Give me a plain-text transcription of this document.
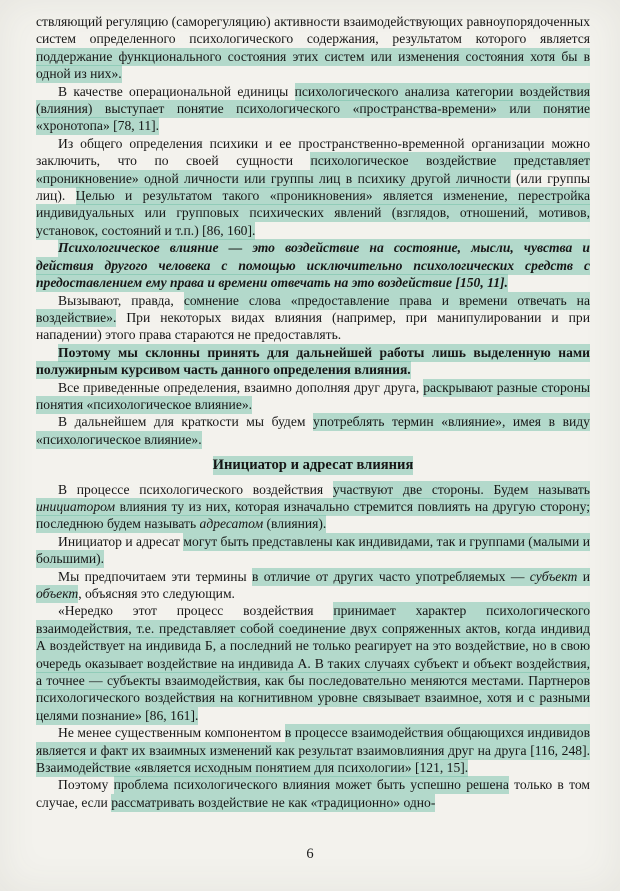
ствляющий регуляцию (саморегуляцию) активности взаимодействующих равноупорядоченных систем определенного психологического содержания, результатом которого является поддержание функционального состояния этих систем или изменения состояния хотя бы в одной из них».

В качестве операциональной единицы психологического анализа категории воздействия (влияния) выступает понятие психологического «пространства-времени» или понятие «хронотопа» [78, 11].

Из общего определения психики и ее пространственно-временной организации можно заключить, что по своей сущности психологическое воздействие представляет «проникновение» одной личности или группы лиц в психику другой личности (или группы лиц). Целью и результатом такого «проникновения» является изменение, перестройка индивидуальных или групповых психических явлений (взглядов, отношений, мотивов, установок, состояний и т.п.) [86, 160].

Психологическое влияние — это воздействие на состояние, мысли, чувства и действия другого человека с помощью исключительно психологических средств с предоставлением ему права и времени отвечать на это воздействие [150, 11].

Вызывают, правда, сомнение слова «предоставление права и времени отвечать на воздействие». При некоторых видах влияния (например, при манипулировании и при нападении) этого права стараются не предоставлять.

Поэтому мы склонны принять для дальнейшей работы лишь выделенную нами полужирным курсивом часть данного определения влияния.

Все приведенные определения, взаимно дополняя друг друга, раскрывают разные стороны понятия «психологическое влияние».

В дальнейшем для краткости мы будем употреблять термин «влияние», имея в виду «психологическое влияние».

Инициатор и адресат влияния

В процессе психологического воздействия участвуют две стороны. Будем называть инициатором влияния ту из них, которая изначально стремится повлиять на другую сторону; последнюю будем называть адресатом (влияния).

Инициатор и адресат могут быть представлены как индивидами, так и группами (малыми и большими).

Мы предпочитаем эти термины в отличие от других часто употребляемых — субъект и объект, объясняя это следующим.

«Нередко этот процесс воздействия принимает характер психологического взаимодействия, т.е. представляет собой соединение двух сопряженных актов, когда индивид А воздействует на индивида Б, а последний не только реагирует на это воздействие, но в свою очередь оказывает воздействие на индивида А. В таких случаях субъект и объект воздействия, а точнее — субъекты взаимодействия, как бы последовательно меняются местами. Партнеров психологического воздействия на когнитивном уровне связывает взаимное, хотя и с разными целями познание» [86, 161].

Не менее существенным компонентом в процессе взаимодействия общающихся индивидов является и факт их взаимных изменений как результат взаимовлияния друг на друга [116, 248]. Взаимодействие «является исходным понятием для психологии» [121, 15].

Поэтому проблема психологического влияния может быть успешно решена только в том случае, если рассматривать воздействие не как «традиционно» одно-

6
